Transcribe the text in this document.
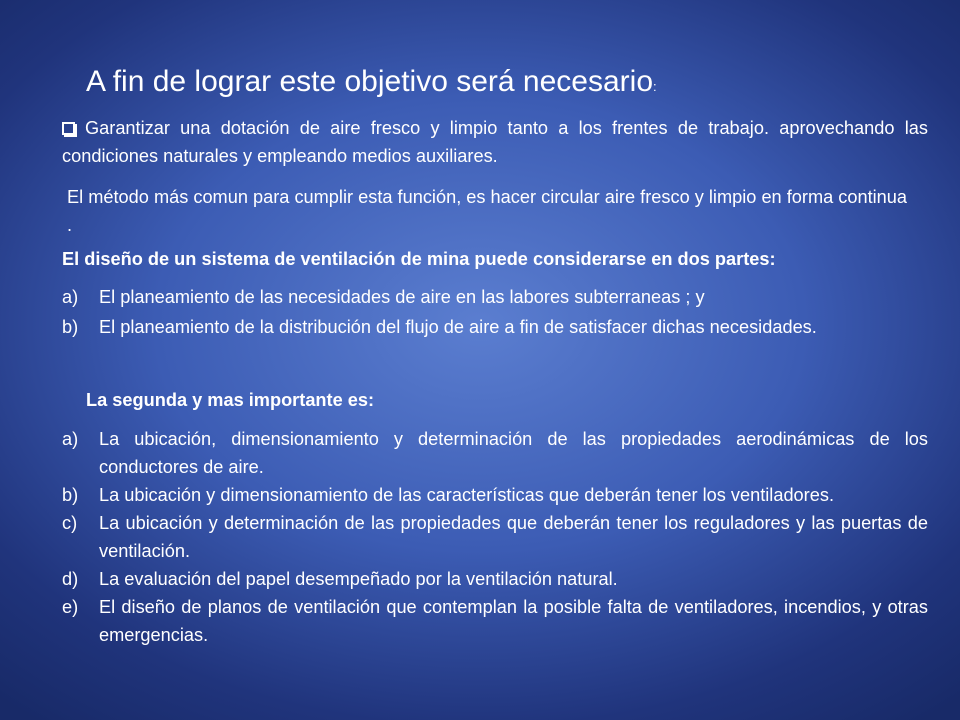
A fin de lograr este objetivo será necesario:
Garantizar una dotación de aire fresco y limpio tanto a los frentes de trabajo. aprovechando las condiciones naturales y empleando medios auxiliares.
El método más comun para cumplir esta función, es hacer circular aire fresco y limpio en forma continua .
El diseño de un sistema de ventilación de mina puede considerarse en dos partes:
a) El planeamiento de las necesidades de aire en las labores subterraneas ; y
b) El planeamiento de la distribución del flujo de aire a fin de satisfacer dichas necesidades.
La segunda y mas importante es:
a) La ubicación, dimensionamiento y determinación de las propiedades aerodinámicas de los conductores de aire.
b) La ubicación y dimensionamiento de las características que deberán tener los ventiladores.
c) La ubicación y determinación de las propiedades que deberán tener los reguladores y las puertas de ventilación.
d) La evaluación del papel desempeñado por la ventilación natural.
e) El diseño de planos de ventilación que contemplan la posible falta de ventiladores, incendios, y otras emergencias.
